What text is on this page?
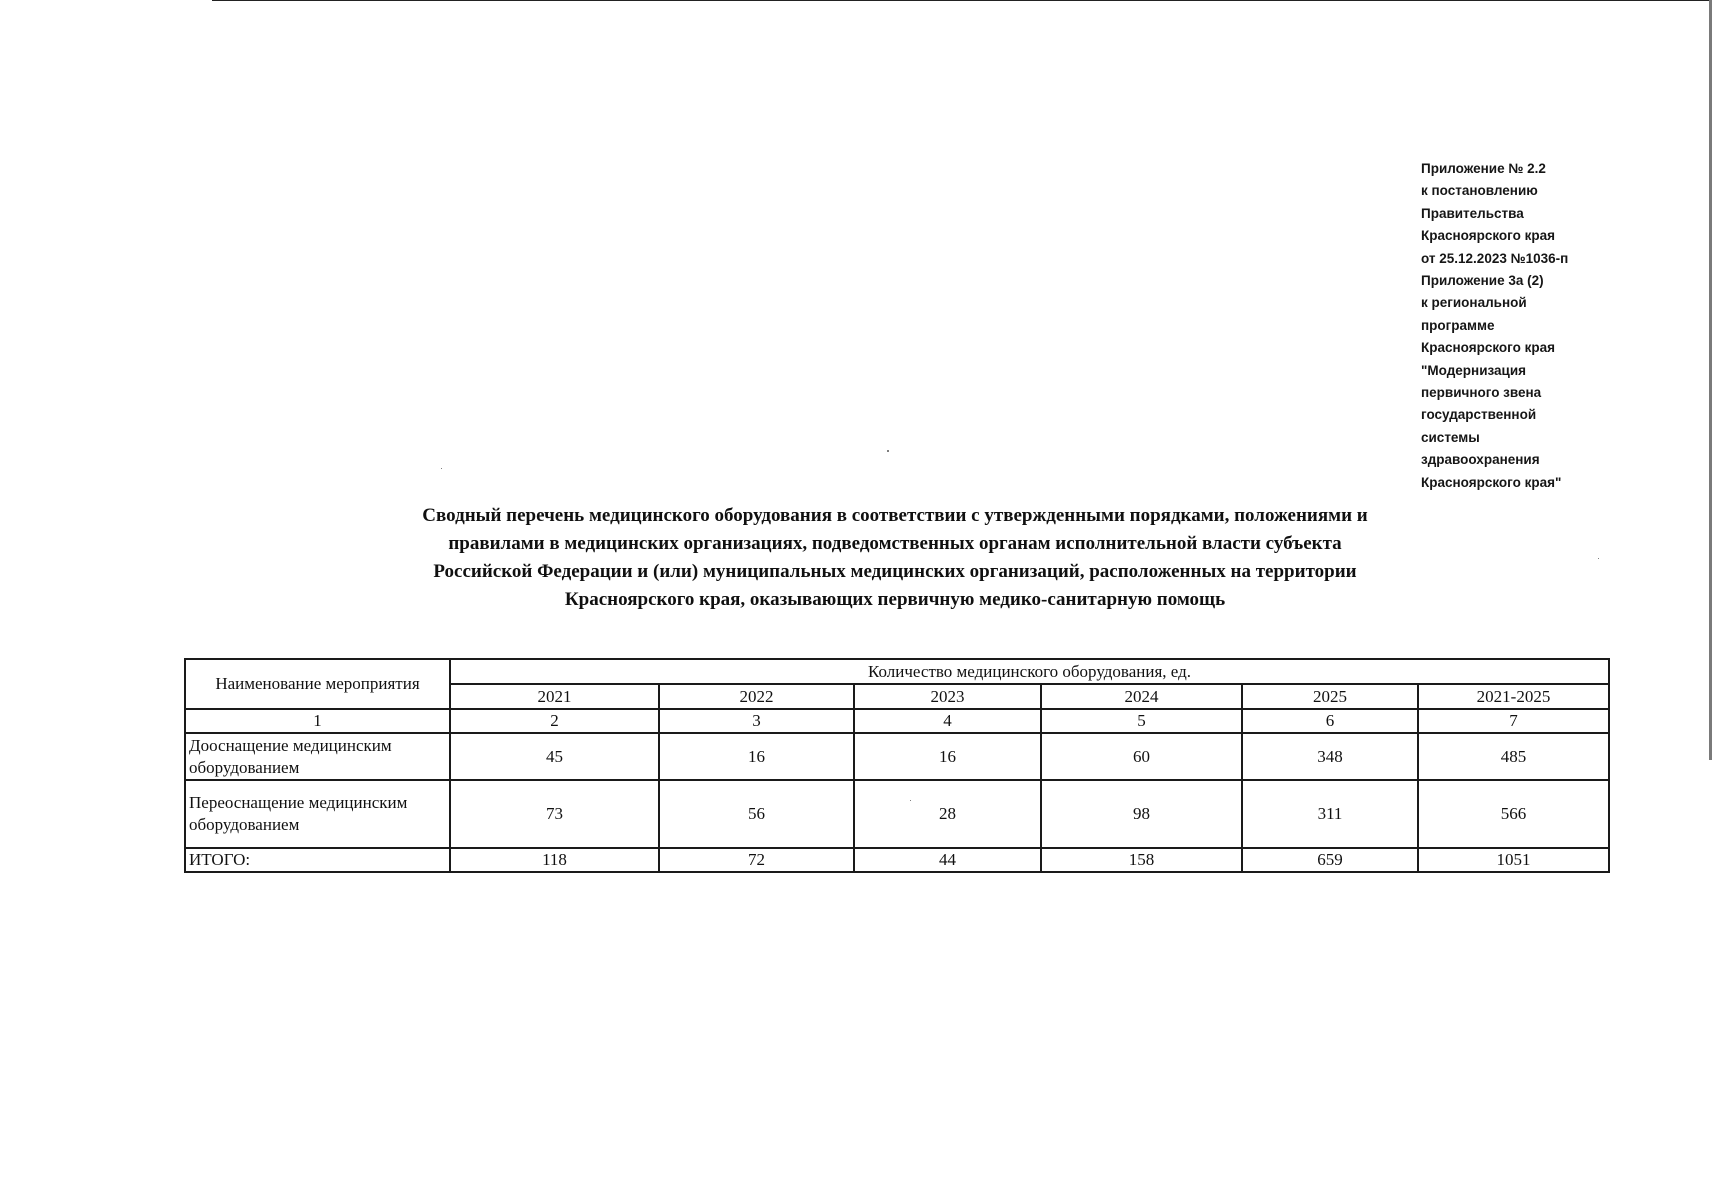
Приложение № 2.2
к постановлению
Правительства
Красноярского края
от 25.12.2023 №1036-п
Приложение 3а (2)
к региональной
программе
Красноярского края
"Модернизация
первичного звена
государственной
системы
здравоохранения
Красноярского края"
Сводный перечень медицинского оборудования в соответствии с утвержденными порядками, положениями и
правилами в медицинских организациях, подведомственных органам исполнительной власти субъекта
Российской Федерации и (или) муниципальных медицинских организаций, расположенных на территории
Красноярского края, оказывающих первичную медико-санитарную помощь
Наименование мероприятия	Количество медицинского оборудования, ед.					
	2021	2022	2023	2024	2025	2021-2025
1	2	3	4	5	6	7
Дооснащение медицинским
оборудованием	45	16	16	60	348	485
Переоснащение медицинским
оборудованием	73	56	28	98	311	566
ИТОГО:	118	72	44	158	659	1051
